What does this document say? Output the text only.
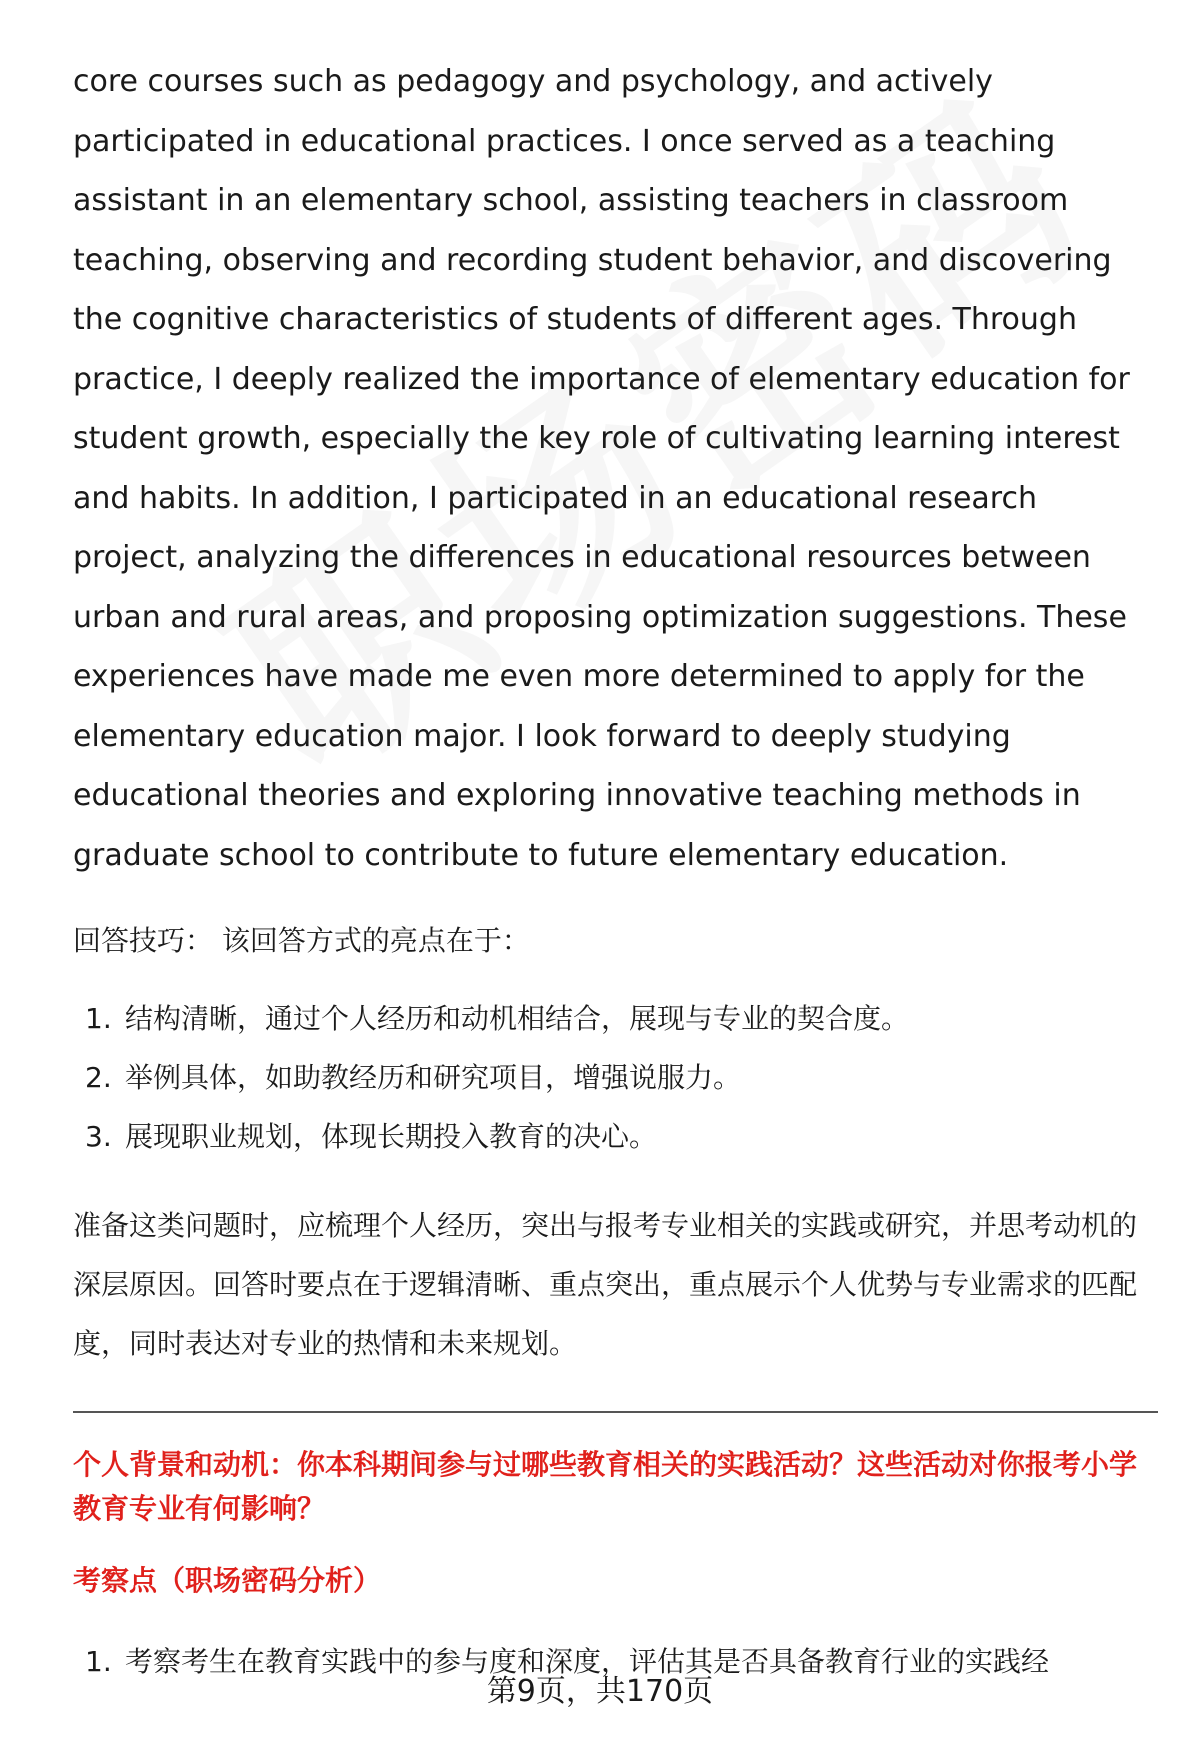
core courses such as pedagogy and psychology, and actively participated in educational practices. I once served as a teaching assistant in an elementary school, assisting teachers in classroom teaching, observing and recording student behavior, and discovering the cognitive characteristics of students of different ages. Through practice, I deeply realized the importance of elementary education for student growth, especially the key role of cultivating learning interest and habits. In addition, I participated in an educational research project, analyzing the differences in educational resources between urban and rural areas, and proposing optimization suggestions. These experiences have made me even more determined to apply for the elementary education major. I look forward to deeply studying educational theories and exploring innovative teaching methods in graduate school to contribute to future elementary education.

回答技巧： 该回答方式的亮点在于：
1. 结构清晰，通过个人经历和动机相结合，展现与专业的契合度。
2. 举例具体，如助教经历和研究项目，增强说服力。
3. 展现职业规划，体现长期投入教育的决心。
准备这类问题时，应梳理个人经历，突出与报考专业相关的实践或研究，并思考动机的深层原因。回答时要点在于逻辑清晰、重点突出，重点展示个人优势与专业需求的匹配度，同时表达对专业的热情和未来规划。
个人背景和动机：你本科期间参与过哪些教育相关的实践活动？这些活动对你报考小学教育专业有何影响？
考察点（职场密码分析）
1. 考察考生在教育实践中的参与度和深度，评估其是否具备教育行业的实践经
第9页，共170页
